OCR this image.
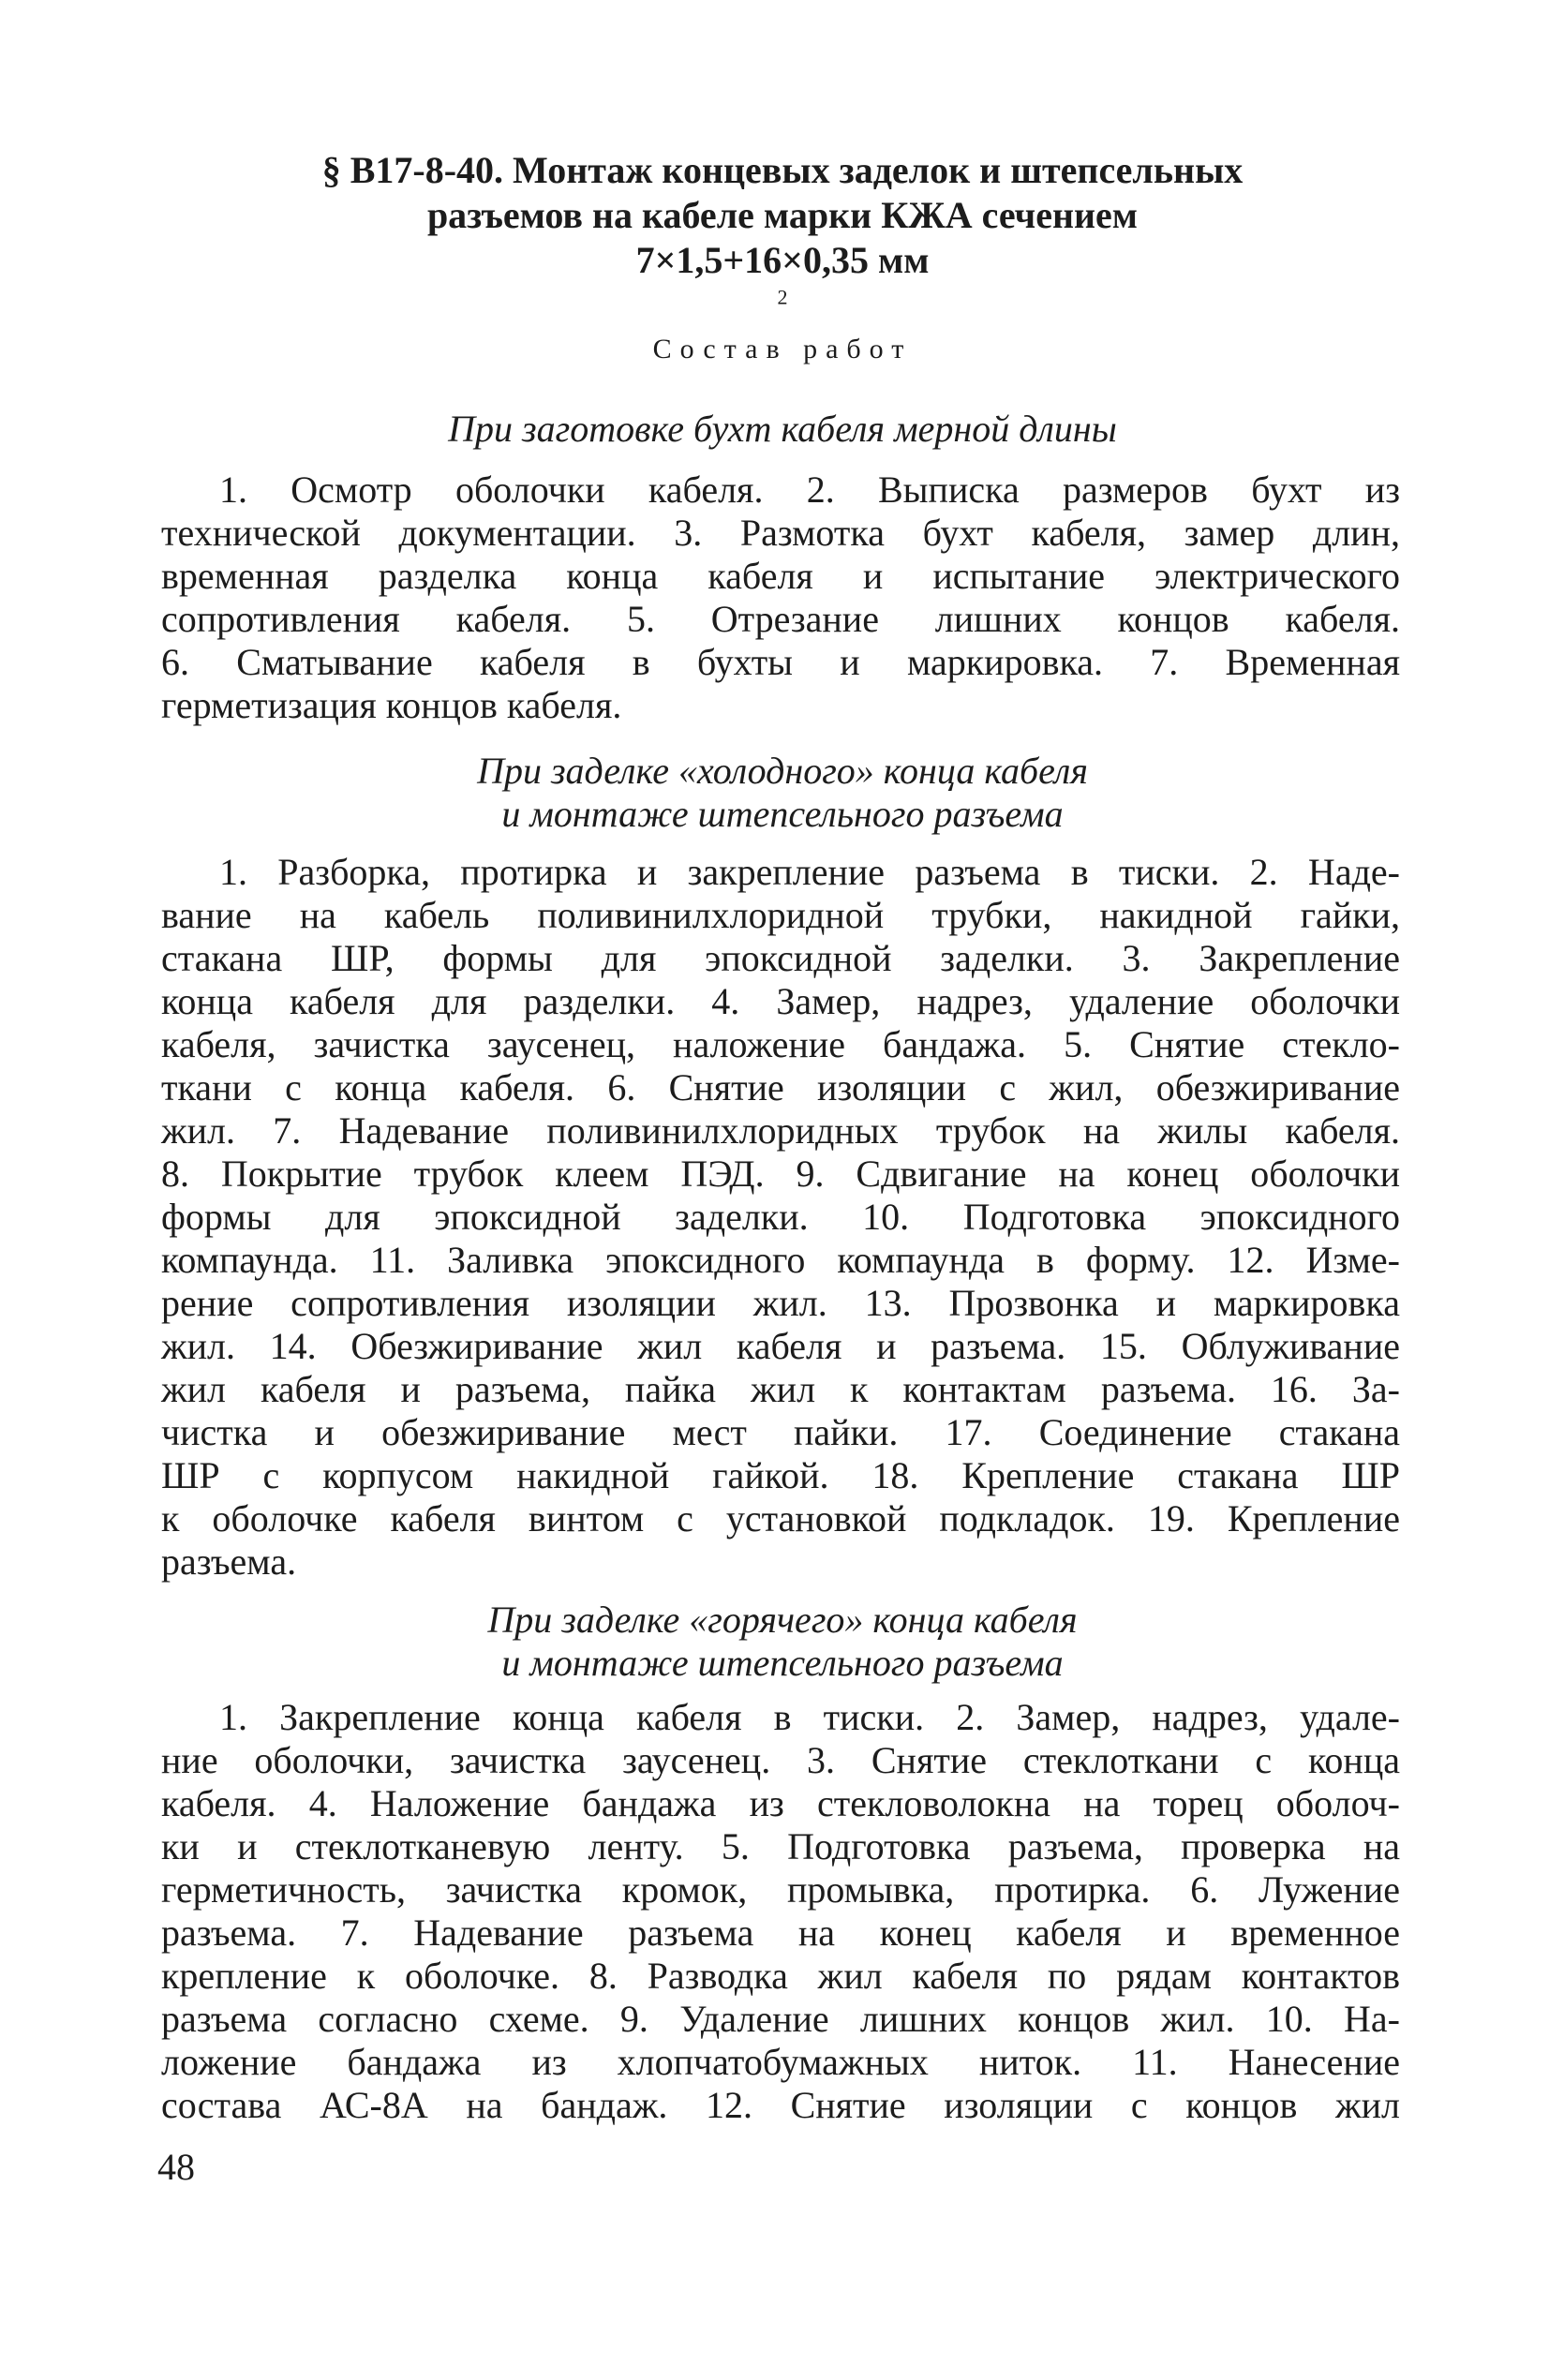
§ В17-8-40. Монтаж концевых заделок и штепсельных
разъемов на кабеле марки КЖА сечением
7×1,5+16×0,35 мм
$^2$
Состав работ
При заготовке бухт кабеля мерной длины
1. Осмотр оболочки кабеля. 2. Выписка размеров бухт из
технической документации. 3. Размотка бухт кабеля, замер длин,
временная разделка конца кабеля и испытание электрического
сопротивления кабеля. 5. Отрезание лишних концов кабеля.
6. Сматывание кабеля в бухты и маркировка. 7. Временная
герметизация концов кабеля.
При заделке «холодного» конца кабеля
и монтаже штепсельного разъема
1. Разборка, протирка и закрепление разъема в тиски. 2. Наде-
вание на кабель поливинилхлоридной трубки, накидной гайки,
стакана ШР, формы для эпоксидной заделки. 3. Закрепление
конца кабеля для разделки. 4. Замер, надрез, удаление оболочки
кабеля, зачистка заусенец, наложение бандажа. 5. Снятие стекло-
ткани с конца кабеля. 6. Снятие изоляции с жил, обезжиривание
жил. 7. Надевание поливинилхлоридных трубок на жилы кабеля.
8. Покрытие трубок клеем ПЭД. 9. Сдвигание на конец оболочки
формы для эпоксидной заделки. 10. Подготовка эпоксидного
компаунда. 11. Заливка эпоксидного компаунда в форму. 12. Изме-
рение сопротивления изоляции жил. 13. Прозвонка и маркировка
жил. 14. Обезжиривание жил кабеля и разъема. 15. Облуживание
жил кабеля и разъема, пайка жил к контактам разъема. 16. За-
чистка и обезжиривание мест пайки. 17. Соединение стакана
ШР с корпусом накидной гайкой. 18. Крепление стакана ШР
к оболочке кабеля винтом с установкой подкладок. 19. Крепление
разъема.
При заделке «горячего» конца кабеля
и монтаже штепсельного разъема
1. Закрепление конца кабеля в тиски. 2. Замер, надрез, удале-
ние оболочки, зачистка заусенец. 3. Снятие стеклоткани с конца
кабеля. 4. Наложение бандажа из стекловолокна на торец оболоч-
ки и стеклотканевую ленту. 5. Подготовка разъема, проверка на
герметичность, зачистка кромок, промывка, протирка. 6. Лужение
разъема. 7. Надевание разъема на конец кабеля и временное
крепление к оболочке. 8. Разводка жил кабеля по рядам контактов
разъема согласно схеме. 9. Удаление лишних концов жил. 10. На-
ложение бандажа из хлопчатобумажных ниток. 11. Нанесение
состава АС-8А на бандаж. 12. Снятие изоляции с концов жил
48
